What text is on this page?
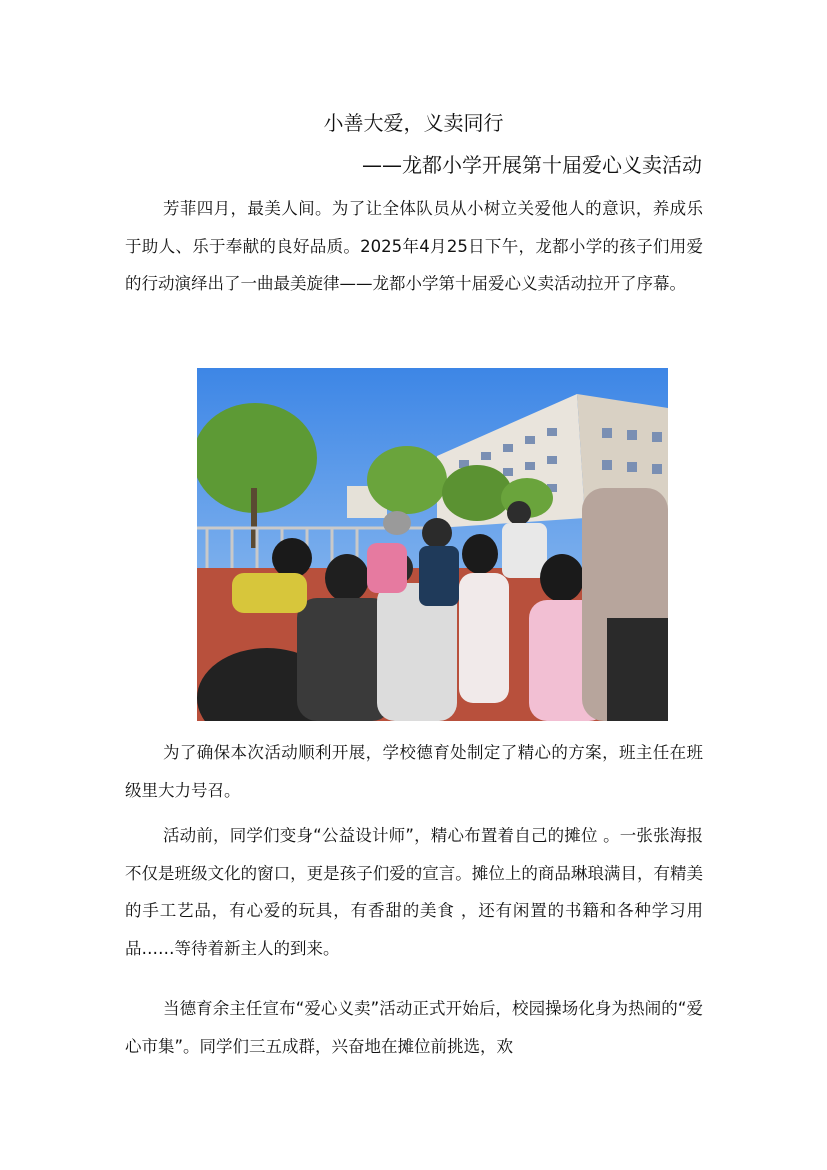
小善大爱，义卖同行
——龙都小学开展第十届爱心义卖活动

芳菲四月，最美人间。为了让全体队员从小树立关爱他人的意识，养成乐于助人、乐于奉献的良好品质。2025年4月25日下午，龙都小学的孩子们用爱的行动演绎出了一曲最美旋律——龙都小学第十届爱心义卖活动拉开了序幕。

为了确保本次活动顺利开展，学校德育处制定了精心的方案，班主任在班级里大力号召。

活动前，同学们变身“公益设计师”，精心布置着自己的摊位 。一张张海报不仅是班级文化的窗口，更是孩子们爱的宣言。摊位上的商品琳琅满目，有精美的手工艺品，有心爱的玩具，有香甜的美食 ，还有闲置的书籍和各种学习用品……等待着新主人的到来。

当德育余主任宣布“爱心义卖”活动正式开始后，校园操场化身为热闹的“爱心市集”。同学们三五成群，兴奋地在摊位前挑选，欢
